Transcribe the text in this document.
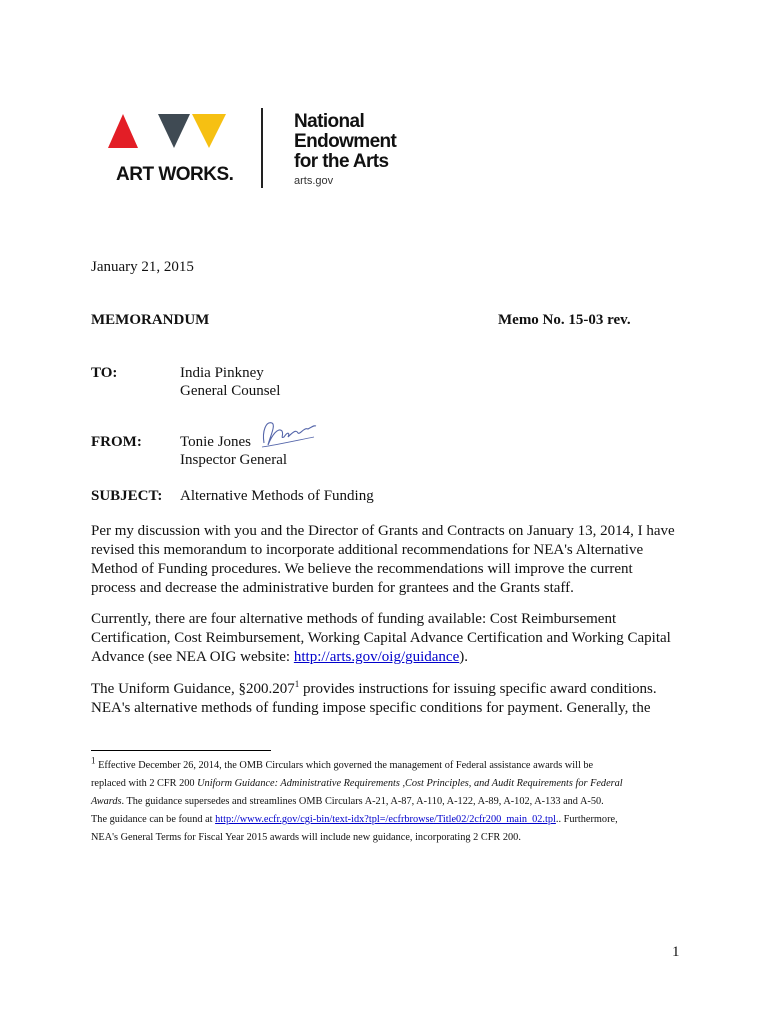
ART WORKS.
National
Endowment
for the Arts
arts.gov
January 21, 2015
MEMORANDUM	Memo No. 15-03 rev.
TO:	India Pinkney
General Counsel
FROM:	Tonie Jones
Inspector General
SUBJECT: Alternative Methods of Funding
Per my discussion with you and the Director of Grants and Contracts on January 13, 2014, I have
revised this memorandum to incorporate additional recommendations for NEA's Alternative
Method of Funding procedures. We believe the recommendations will improve the current
process and decrease the administrative burden for grantees and the Grants staff.
Currently, there are four alternative methods of funding available: Cost Reimbursement
Certification, Cost Reimbursement, Working Capital Advance Certification and Working Capital
Advance (see NEA OIG website: http://arts.gov/oig/guidance).
The Uniform Guidance, §200.207$^1$ provides instructions for issuing specific award conditions.
NEA's alternative methods of funding impose specific conditions for payment. Generally, the
$^1$ Effective December 26, 2014, the OMB Circulars which governed the management of Federal assistance awards will be
replaced with 2 CFR 200 Uniform Guidance: Administrative Requirements ,Cost Principles, and Audit Requirements for Federal
Awards. The guidance supersedes and streamlines OMB Circulars A-21, A-87, A-110, A-122, A-89, A-102, A-133 and A-50.
The guidance can be found at http://www.ecfr.gov/cgi-bin/text-idx?tpl=/ecfrbrowse/Title02/2cfr200_main_02.tpl.. Furthermore,
NEA's General Terms for Fiscal Year 2015 awards will include new guidance, incorporating 2 CFR 200.
1
